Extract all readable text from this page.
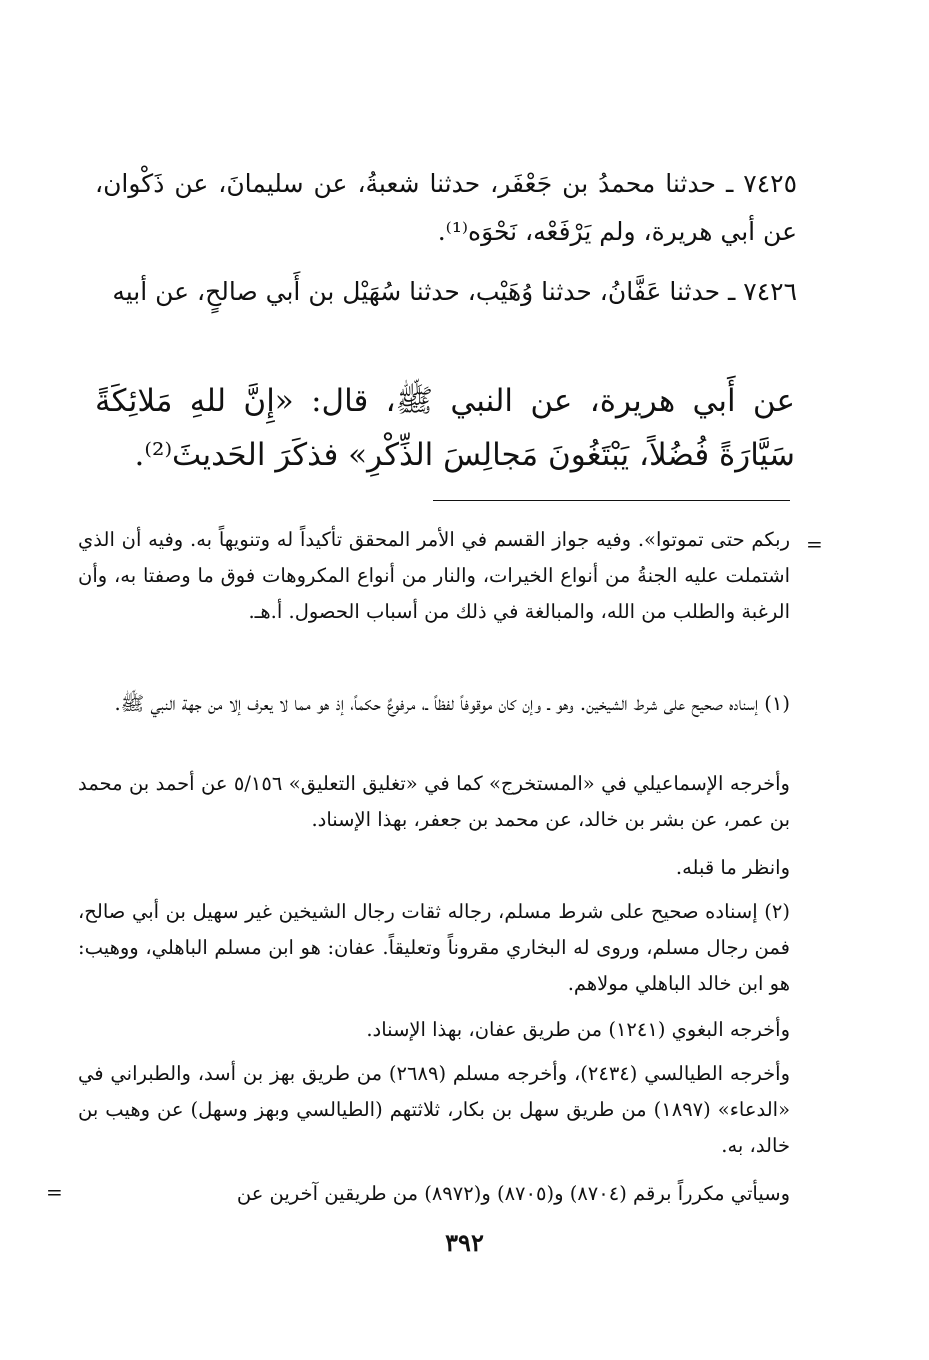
٧٤٢٥ ـ حدثنا محمدُ بن جَعْفَر، حدثنا شعبةُ، عن سليمانَ، عن ذَكْوان، عن أبي هريرة، ولم يَرْفَعْه، نَحْوَه⁽¹⁾.

٧٤٢٦ ـ حدثنا عَفَّانُ، حدثنا وُهَيْب، حدثنا سُهَيْل بن أَبي صالحٍ، عن أبيه

عن أَبي هريرة، عن النبي ﷺ، قال: «إِنَّ للهِ مَلائِكَةً سَيَّارَةً فُضُلاً، يَبْتَغُونَ مَجالِسَ الذِّكْرِ» فذكَرَ الحَديثَ⁽²⁾.

=

ربكم حتى تموتوا». وفيه جواز القسم في الأمر المحقق تأكيداً له وتنويهاً به. وفيه أن الذي اشتملت عليه الجنةُ من أنواع الخيرات، والنار من أنواع المكروهات فوق ما وصفتا به، وأن الرغبة والطلب من الله، والمبالغة في ذلك من أسباب الحصول. أ.هـ.

(١) إسناده صحيح على شرط الشيخين. وهو ـ وإن كان موقوفاً لفظاً ـ، مرفوعٌ حكماً، إذ هو مما لا يعرف إلا من جهة النبي ﷺ.

وأخرجه الإسماعيلي في «المستخرج» كما في «تغليق التعليق» ٥/١٥٦ عن أحمد بن محمد بن عمر، عن بشر بن خالد، عن محمد بن جعفر، بهذا الإسناد.

وانظر ما قبله.

(٢) إسناده صحيح على شرط مسلم، رجاله ثقات رجال الشيخين غير سهيل بن أبي صالح، فمن رجال مسلم، وروى له البخاري مقروناً وتعليقاً. عفان: هو ابن مسلم الباهلي، ووهيب: هو ابن خالد الباهلي مولاهم.

وأخرجه البغوي (١٢٤١) من طريق عفان، بهذا الإسناد.

وأخرجه الطيالسي (٢٤٣٤)، وأخرجه مسلم (٢٦٨٩) من طريق بهز بن أسد، والطبراني في «الدعاء» (١٨٩٧) من طريق سهل بن بكار، ثلاثتهم (الطيالسي وبهز وسهل) عن وهيب بن خالد، به.

وسيأتي مكرراً برقم (٨٧٠٤) و(٨٧٠٥) و(٨٩٧٢) من طريقين آخرين عن

=
٣٩٢
